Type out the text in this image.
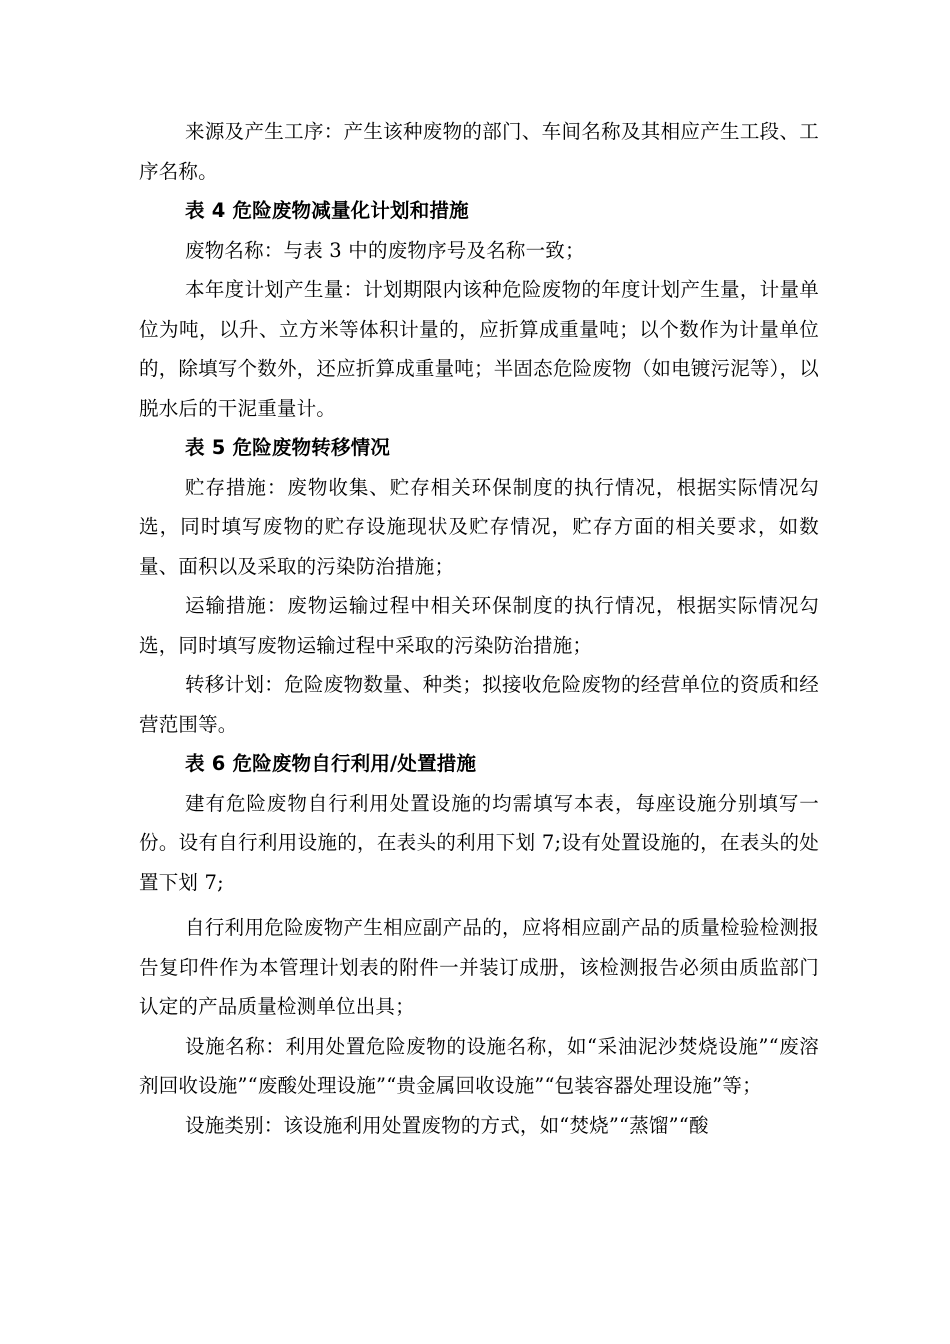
来源及产生工序：产生该种废物的部门、车间名称及其相应产生工段、工序名称。

表 4 危险废物减量化计划和措施

废物名称：与表 3 中的废物序号及名称一致；

本年度计划产生量：计划期限内该种危险废物的年度计划产生量，计量单位为吨，以升、立方米等体积计量的，应折算成重量吨；以个数作为计量单位的，除填写个数外，还应折算成重量吨；半固态危险废物（如电镀污泥等），以脱水后的干泥重量计。

表 5 危险废物转移情况

贮存措施：废物收集、贮存相关环保制度的执行情况，根据实际情况勾选，同时填写废物的贮存设施现状及贮存情况，贮存方面的相关要求，如数量、面积以及采取的污染防治措施；

运输措施：废物运输过程中相关环保制度的执行情况，根据实际情况勾选，同时填写废物运输过程中采取的污染防治措施；

转移计划：危险废物数量、种类；拟接收危险废物的经营单位的资质和经营范围等。

表 6 危险废物自行利用/处置措施

建有危险废物自行利用处置设施的均需填写本表，每座设施分别填写一份。设有自行利用设施的，在表头的利用下划 7;设有处置设施的，在表头的处置下划 7;

自行利用危险废物产生相应副产品的，应将相应副产品的质量检验检测报告复印件作为本管理计划表的附件一并装订成册，该检测报告必须由质监部门认定的产品质量检测单位出具；

设施名称：利用处置危险废物的设施名称，如“采油泥沙焚烧设施”“废溶剂回收设施”“废酸处理设施”“贵金属回收设施”“包装容器处理设施”等；

设施类别：该设施利用处置废物的方式，如“焚烧”“蒸馏”“酸
